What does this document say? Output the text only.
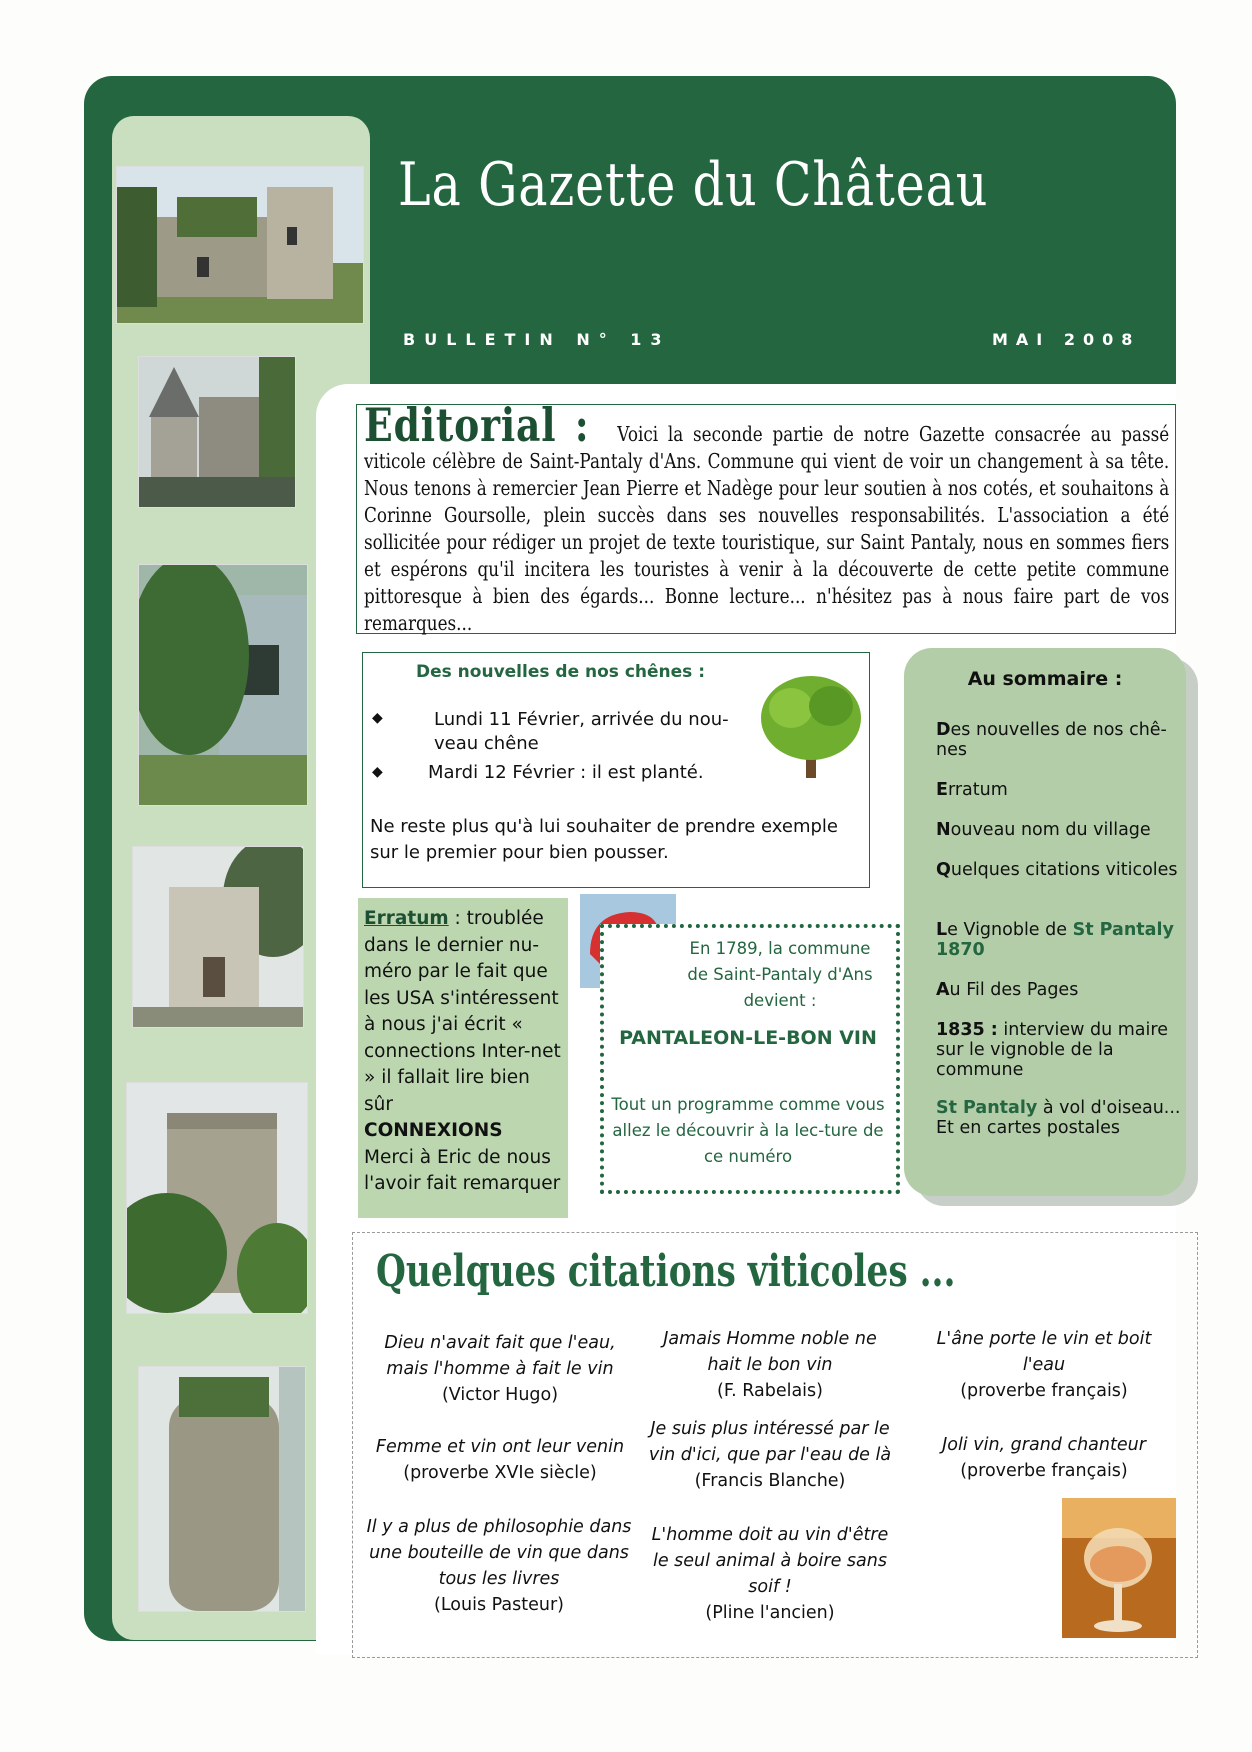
La Gazette du Château
BULLETIN N° 13	MAI 2008
Editorial : Voici la seconde partie de notre Gazette consacrée au passé viticole célèbre de Saint-Pantaly d'Ans. Commune qui vient de voir un changement à sa tête. Nous tenons à remercier Jean Pierre et Nadège pour leur soutien à nos cotés, et souhaitons à Corinne Goursolle, plein succès dans ses nouvelles responsabilités. L'association a été sollicitée pour rédiger un projet de texte touristique, sur Saint Pantaly, nous en sommes fiers et espérons qu'il incitera les touristes à venir à la découverte de cette petite commune pittoresque à bien des égards... Bonne lecture... n'hésitez pas à nous faire part de vos remarques...
Des nouvelles de nos chênes :
◆	Lundi 11 Février, arrivée du nou-
veau chêne
◆	Mardi 12 Février : il est planté.
Ne reste plus qu'à lui souhaiter de prendre exemple sur le premier pour bien pousser.
Erratum : troublée dans le dernier nu-méro par le fait que les USA s'intéressent à nous j'ai écrit « connections Inter-net » il fallait lire bien sûr
CONNEXIONS
Merci à Eric de nous l'avoir fait remarquer
En 1789, la commune de Saint-Pantaly d'Ans devient :
PANTALEON-LE-BON VIN
Tout un programme comme vous allez le découvrir à la lec-ture de ce numéro
Au sommaire :
Des nouvelles de nos chê-nes
Erratum
Nouveau nom du village
Quelques citations viticoles
Le Vignoble de St Pantaly 1870
Au Fil des Pages
1835 : interview du maire sur le vignoble de la commune
St Pantaly à vol d'oiseau... Et en cartes postales
Quelques citations viticoles ...
Dieu n'avait fait que l'eau, mais l'homme à fait le vin
(Victor Hugo)
Femme et vin ont leur venin
(proverbe XVIe siècle)
Il y a plus de philosophie dans une bouteille de vin que dans tous les livres
(Louis Pasteur)
Jamais Homme noble ne hait le bon vin
(F. Rabelais)
Je suis plus intéressé par le vin d'ici, que par l'eau de là
(Francis Blanche)
L'homme doit au vin d'être le seul animal à boire sans soif !
(Pline l'ancien)
L'âne porte le vin et boit l'eau
(proverbe français)
Joli vin, grand chanteur
(proverbe français)
